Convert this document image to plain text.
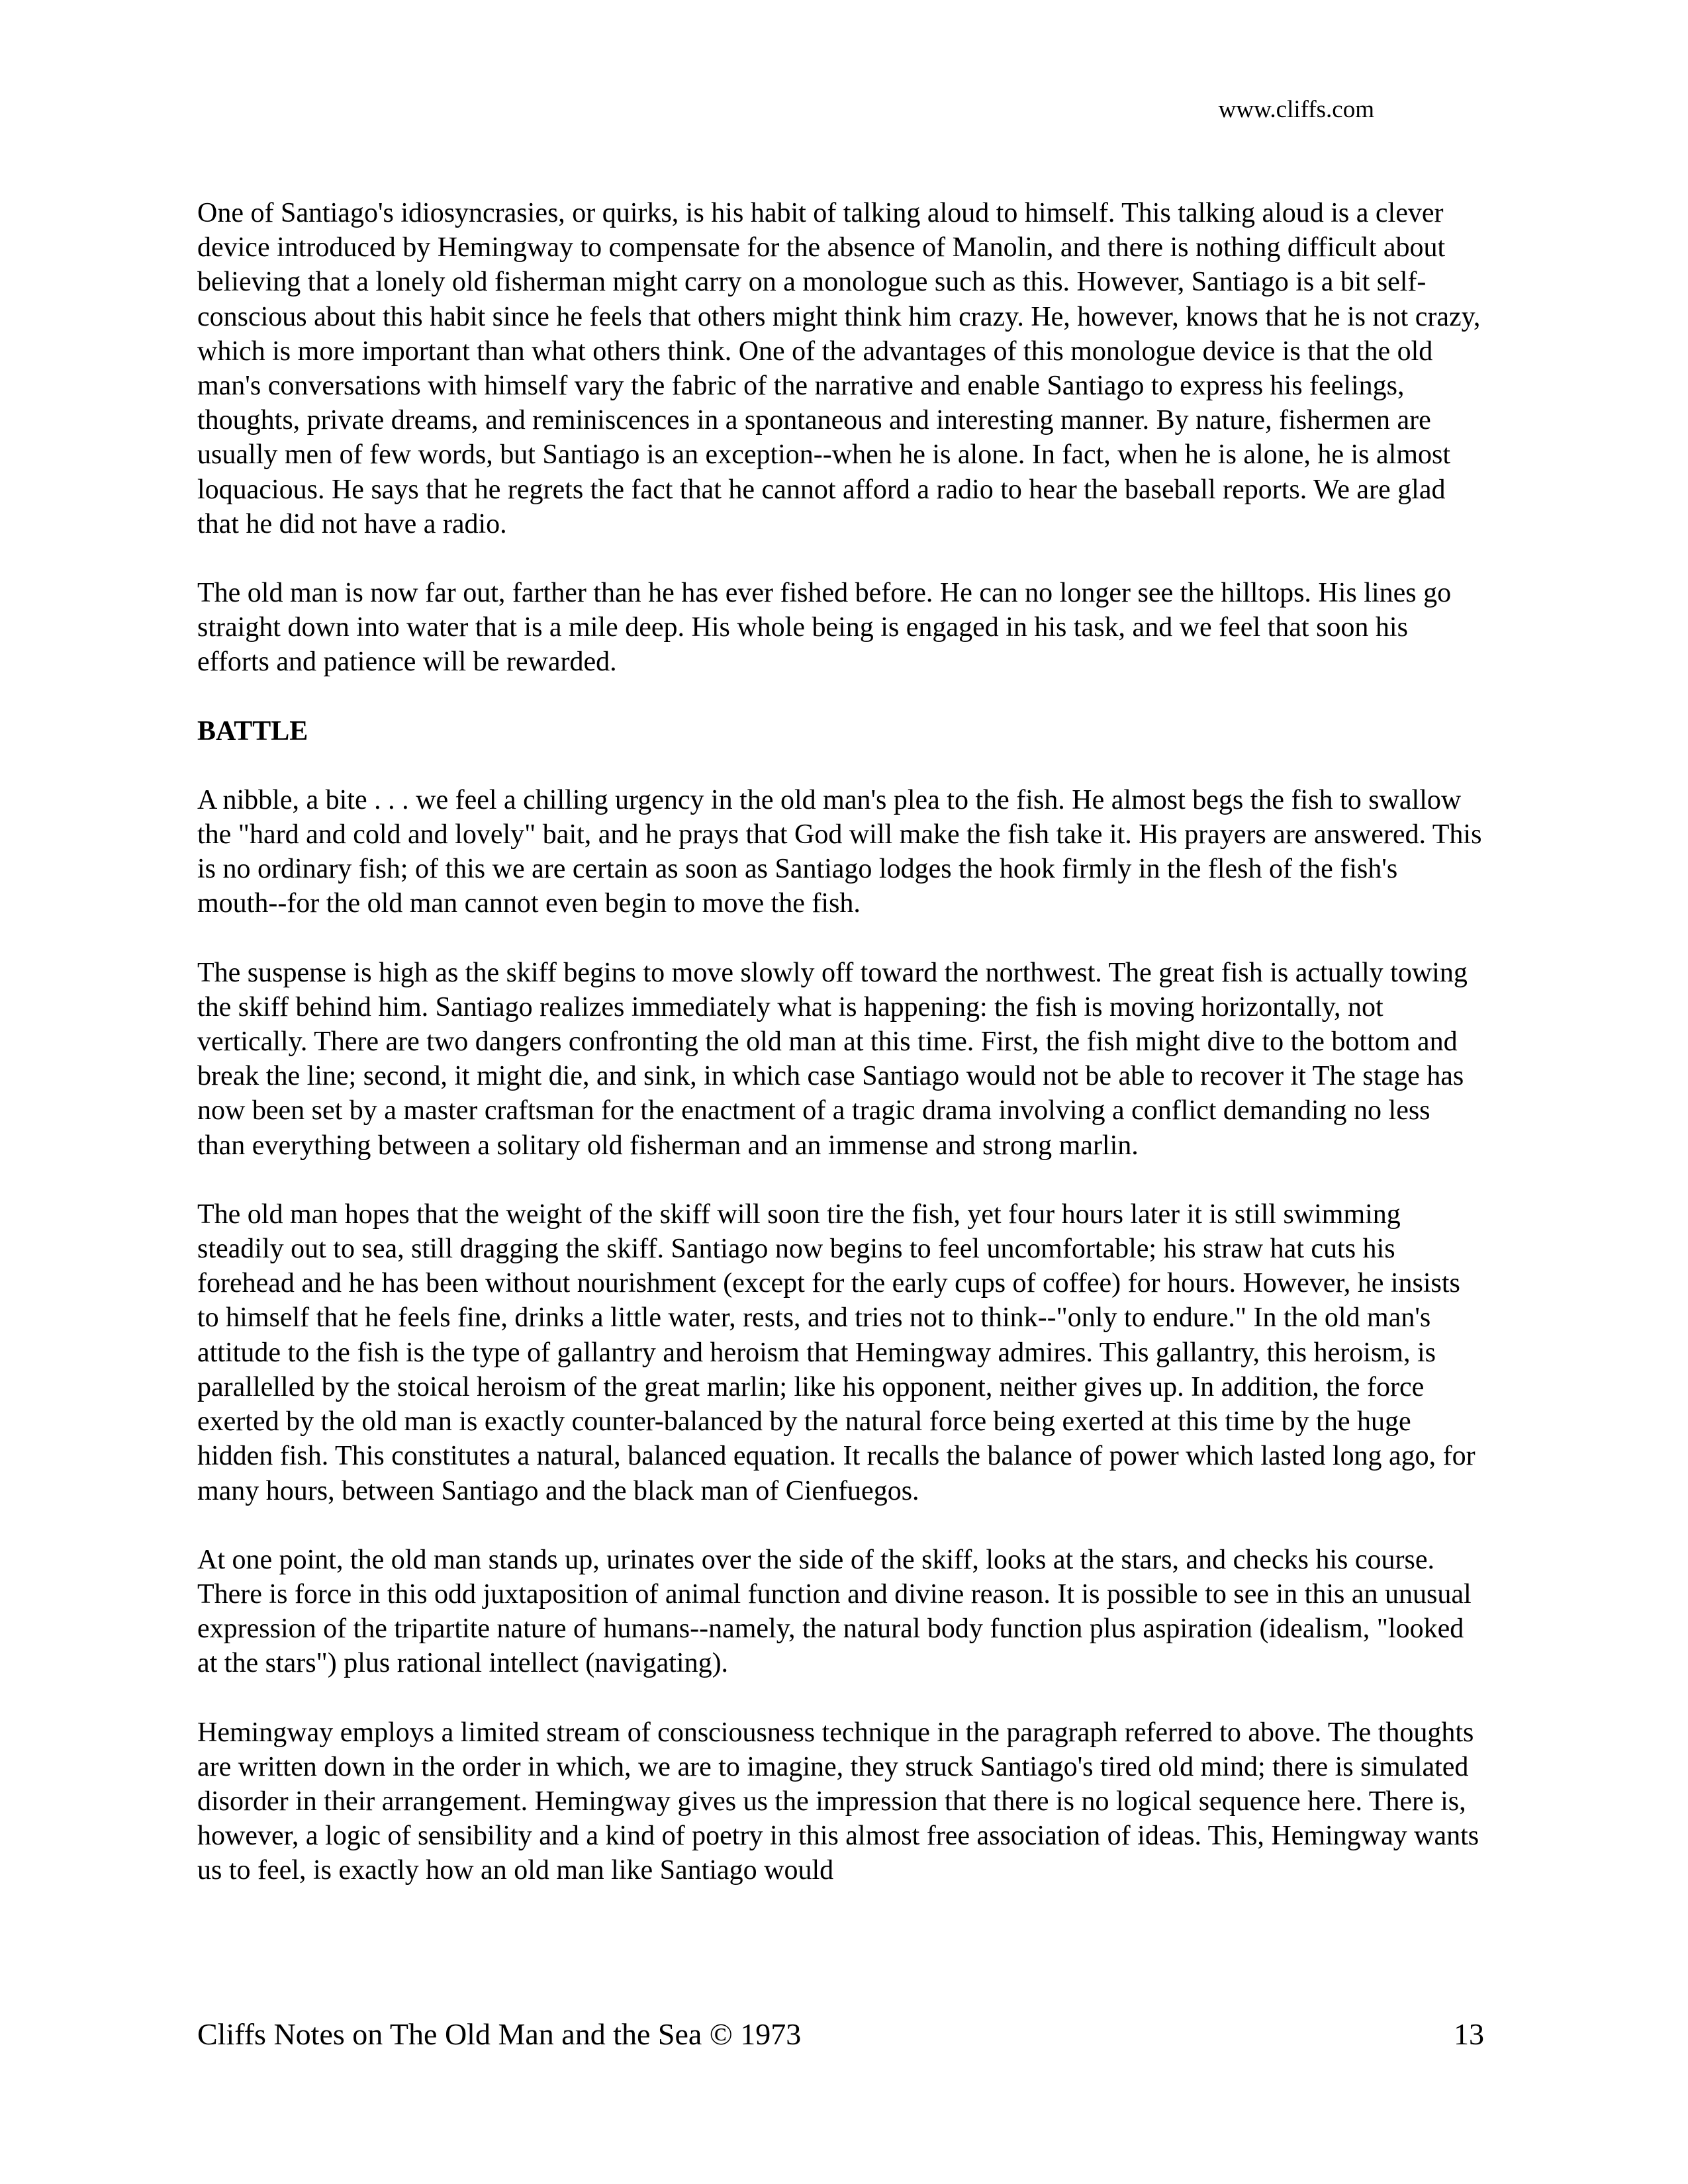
www.cliffs.com

One of Santiago's idiosyncrasies, or quirks, is his habit of talking aloud to himself. This talking aloud is a clever device introduced by Hemingway to compensate for the absence of Manolin, and there is nothing difficult about believing that a lonely old fisherman might carry on a monologue such as this. However, Santiago is a bit self-conscious about this habit since he feels that others might think him crazy. He, however, knows that he is not crazy, which is more important than what others think. One of the advantages of this monologue device is that the old man's conversations with himself vary the fabric of the narrative and enable Santiago to express his feelings, thoughts, private dreams, and reminiscences in a spontaneous and interesting manner. By nature, fishermen are usually men of few words, but Santiago is an exception--when he is alone. In fact, when he is alone, he is almost loquacious. He says that he regrets the fact that he cannot afford a radio to hear the baseball reports. We are glad that he did not have a radio.

The old man is now far out, farther than he has ever fished before. He can no longer see the hilltops. His lines go straight down into water that is a mile deep. His whole being is engaged in his task, and we feel that soon his efforts and patience will be rewarded.

BATTLE

A nibble, a bite . . . we feel a chilling urgency in the old man's plea to the fish. He almost begs the fish to swallow the "hard and cold and lovely" bait, and he prays that God will make the fish take it. His prayers are answered. This is no ordinary fish; of this we are certain as soon as Santiago lodges the hook firmly in the flesh of the fish's mouth--for the old man cannot even begin to move the fish.

The suspense is high as the skiff begins to move slowly off toward the northwest. The great fish is actually towing the skiff behind him. Santiago realizes immediately what is happening: the fish is moving horizontally, not vertically. There are two dangers confronting the old man at this time. First, the fish might dive to the bottom and break the line; second, it might die, and sink, in which case Santiago would not be able to recover it The stage has now been set by a master craftsman for the enactment of a tragic drama involving a conflict demanding no less than everything between a solitary old fisherman and an immense and strong marlin.

The old man hopes that the weight of the skiff will soon tire the fish, yet four hours later it is still swimming steadily out to sea, still dragging the skiff. Santiago now begins to feel uncomfortable; his straw hat cuts his forehead and he has been without nourishment (except for the early cups of coffee) for hours. However, he insists to himself that he feels fine, drinks a little water, rests, and tries not to think--"only to endure." In the old man's attitude to the fish is the type of gallantry and heroism that Hemingway admires. This gallantry, this heroism, is parallelled by the stoical heroism of the great marlin; like his opponent, neither gives up. In addition, the force exerted by the old man is exactly counter-balanced by the natural force being exerted at this time by the huge hidden fish. This constitutes a natural, balanced equation. It recalls the balance of power which lasted long ago, for many hours, between Santiago and the black man of Cienfuegos.

At one point, the old man stands up, urinates over the side of the skiff, looks at the stars, and checks his course. There is force in this odd juxtaposition of animal function and divine reason. It is possible to see in this an unusual expression of the tripartite nature of humans--namely, the natural body function plus aspiration (idealism, "looked at the stars") plus rational intellect (navigating).

Hemingway employs a limited stream of consciousness technique in the paragraph referred to above. The thoughts are written down in the order in which, we are to imagine, they struck Santiago's tired old mind; there is simulated disorder in their arrangement. Hemingway gives us the impression that there is no logical sequence here. There is, however, a logic of sensibility and a kind of poetry in this almost free association of ideas. This, Hemingway wants us to feel, is exactly how an old man like Santiago would

Cliffs Notes on The Old Man and the Sea © 1973	13
